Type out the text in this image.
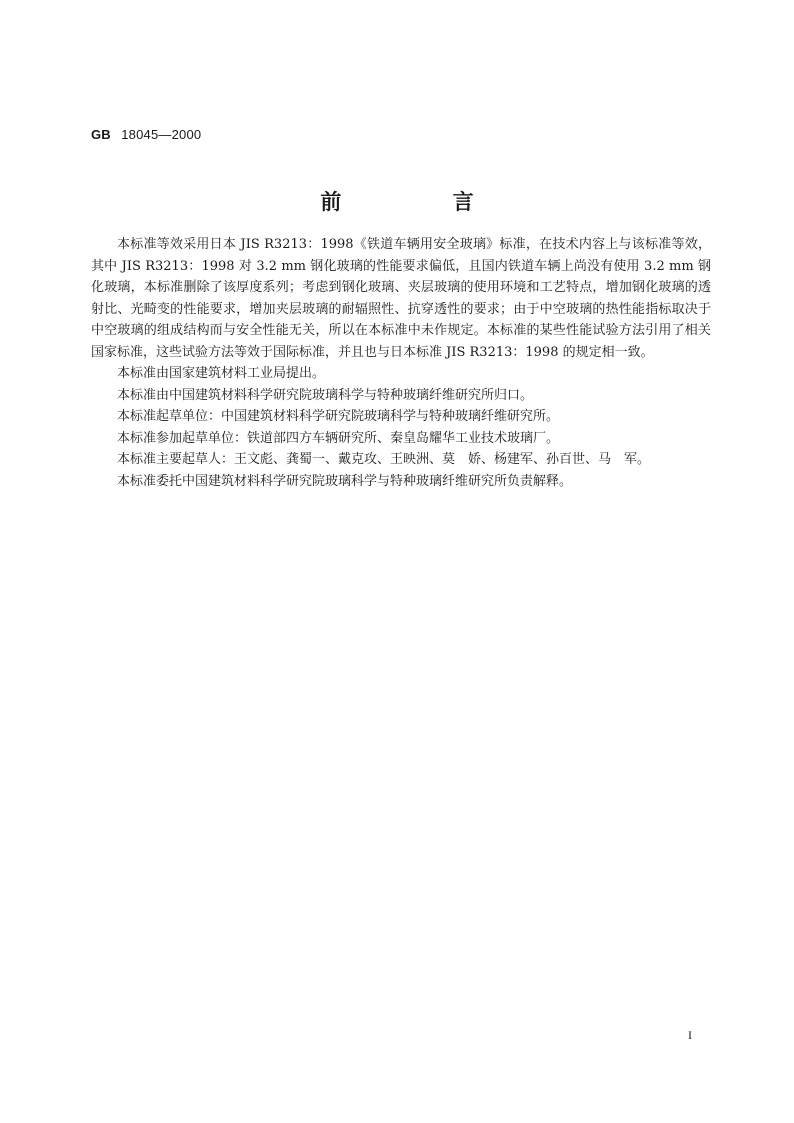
GB 18045—2000
前 言

本标准等效采用日本 JIS R3213：1998《铁道车辆用安全玻璃》标准，在技术内容上与该标准等效，其中 JIS R3213：1998 对 3.2 mm 钢化玻璃的性能要求偏低，且国内铁道车辆上尚没有使用 3.2 mm 钢化玻璃，本标准删除了该厚度系列；考虑到钢化玻璃、夹层玻璃的使用环境和工艺特点，增加钢化玻璃的透射比、光畸变的性能要求，增加夹层玻璃的耐辐照性、抗穿透性的要求；由于中空玻璃的热性能指标取决于中空玻璃的组成结构而与安全性能无关，所以在本标准中未作规定。本标准的某些性能试验方法引用了相关国家标准，这些试验方法等效于国际标准，并且也与日本标准 JIS R3213：1998 的规定相一致。

本标准由国家建筑材料工业局提出。

本标准由中国建筑材料科学研究院玻璃科学与特种玻璃纤维研究所归口。

本标准起草单位：中国建筑材料科学研究院玻璃科学与特种玻璃纤维研究所。

本标准参加起草单位：铁道部四方车辆研究所、秦皇岛耀华工业技术玻璃厂。

本标准主要起草人：王文彪、龚蜀一、戴克攻、王映洲、莫　娇、杨建军、孙百世、马　军。

本标准委托中国建筑材料科学研究院玻璃科学与特种玻璃纤维研究所负责解释。

I
